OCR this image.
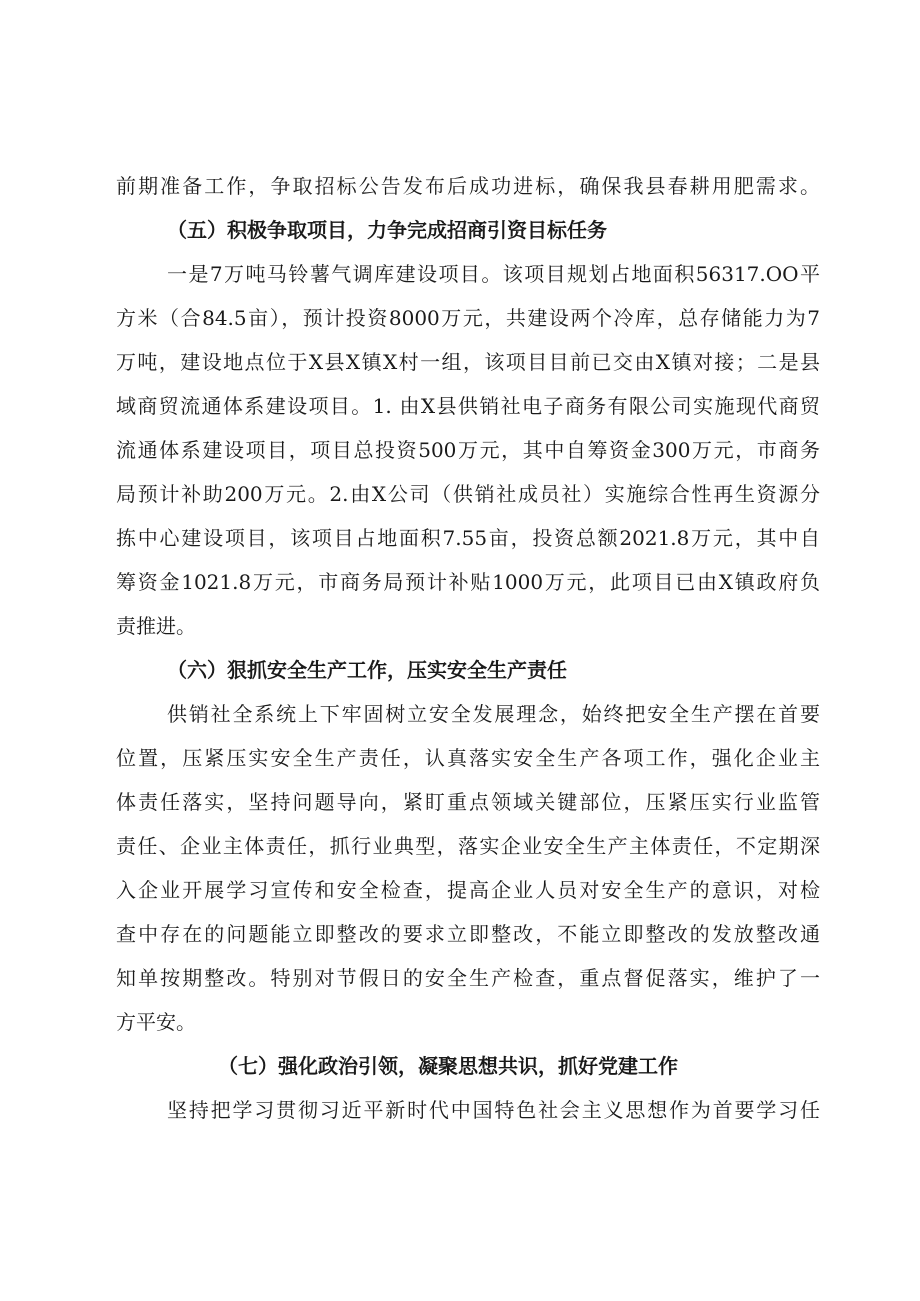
前期准备工作，争取招标公告发布后成功进标，确保我县春耕用肥需求。
（五）积极争取项目，力争完成招商引资目标任务
一是7万吨马铃薯气调库建设项目。该项目规划占地面积56317.OO平
方米（合84.5亩），预计投资8000万元，共建设两个冷库，总存储能力为7
万吨，建设地点位于X县X镇X村一组，该项目目前已交由X镇对接；二是县
域商贸流通体系建设项目。1. 由X县供销社电子商务有限公司实施现代商贸
流通体系建设项目，项目总投资500万元，其中自筹资金300万元，市商务
局预计补助200万元。2.由X公司（供销社成员社）实施综合性再生资源分
拣中心建设项目，该项目占地面积7.55亩，投资总额2021.8万元，其中自
筹资金1021.8万元，市商务局预计补贴1000万元，此项目已由X镇政府负
责推进。
（六）狠抓安全生产工作，压实安全生产责任
供销社全系统上下牢固树立安全发展理念，始终把安全生产摆在首要
位置，压紧压实安全生产责任，认真落实安全生产各项工作，强化企业主
体责任落实，坚持问题导向，紧盯重点领域关键部位，压紧压实行业监管
责任、企业主体责任，抓行业典型，落实企业安全生产主体责任，不定期深
入企业开展学习宣传和安全检查，提高企业人员对安全生产的意识，对检
查中存在的问题能立即整改的要求立即整改，不能立即整改的发放整改通
知单按期整改。特别对节假日的安全生产检查，重点督促落实，维护了一
方平安。
（七）强化政治引领，凝聚思想共识，抓好党建工作
坚持把学习贯彻习近平新时代中国特色社会主义思想作为首要学习任
